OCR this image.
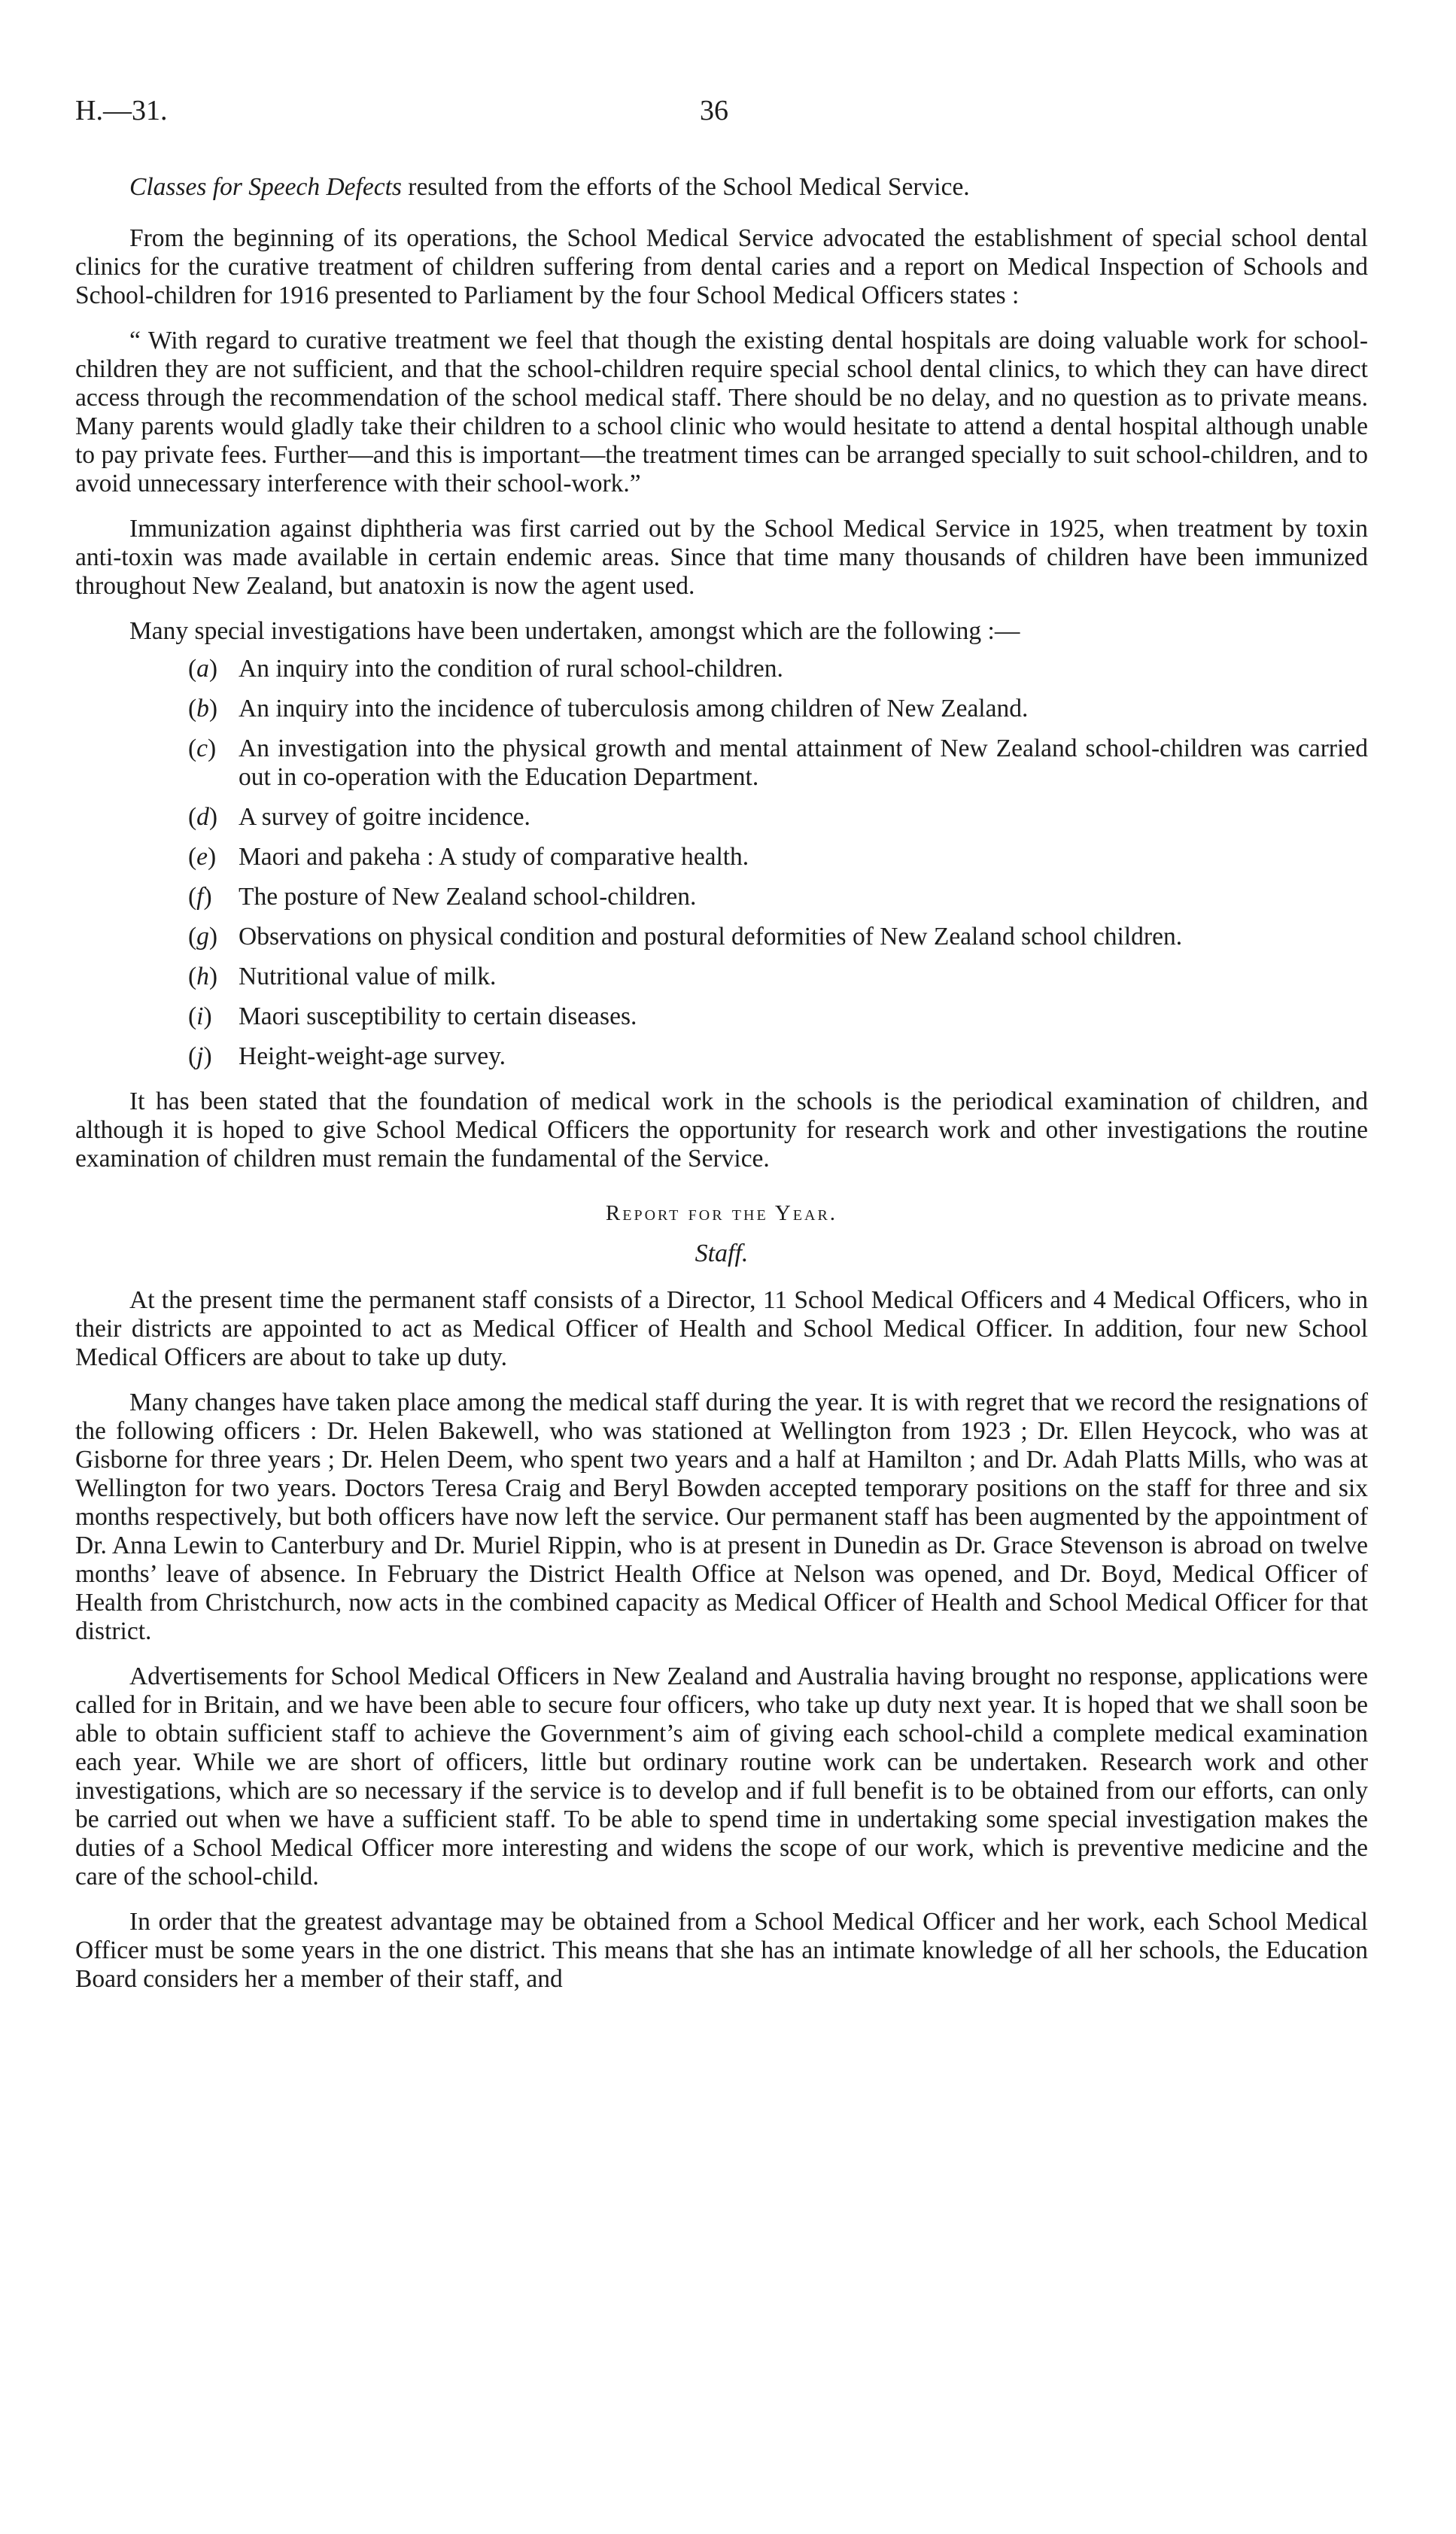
H.—31.	36

Classes for Speech Defects resulted from the efforts of the School Medical Service.

From the beginning of its operations, the School Medical Service advocated the establishment of special school dental clinics for the curative treatment of children suffering from dental caries and a report on Medical Inspection of Schools and School-children for 1916 presented to Parliament by the four School Medical Officers states :

“ With regard to curative treatment we feel that though the existing dental hospitals are doing valuable work for school-children they are not sufficient, and that the school-children require special school dental clinics, to which they can have direct access through the recommendation of the school medical staff. There should be no delay, and no question as to private means. Many parents would gladly take their children to a school clinic who would hesitate to attend a dental hospital although unable to pay private fees. Further—and this is important—the treatment times can be arranged specially to suit school-children, and to avoid unnecessary interference with their school-work.”

Immunization against diphtheria was first carried out by the School Medical Service in 1925, when treatment by toxin anti-toxin was made available in certain endemic areas. Since that time many thousands of children have been immunized throughout New Zealand, but anatoxin is now the agent used.

Many special investigations have been undertaken, amongst which are the following :—

( a )	An inquiry into the condition of rural school-children.
( b )	An inquiry into the incidence of tuberculosis among children of New Zealand.
( c )	An investigation into the physical growth and mental attainment of New Zealand school-children was carried out in co-operation with the Education Department.
( d )	A survey of goitre incidence.
( e )	Maori and pakeha : A study of comparative health.
( f )	The posture of New Zealand school-children.
( g )	Observations on physical condition and postural deformities of New Zealand school children.
( h )	Nutritional value of milk.
( i )	Maori susceptibility to certain diseases.
( j )	Height-weight-age survey.

It has been stated that the foundation of medical work in the schools is the periodical examination of children, and although it is hoped to give School Medical Officers the opportunity for research work and other investigations the routine examination of children must remain the fundamental of the Service.

Report for the Year.
Staff.

At the present time the permanent staff consists of a Director, 11 School Medical Officers and 4 Medical Officers, who in their districts are appointed to act as Medical Officer of Health and School Medical Officer. In addition, four new School Medical Officers are about to take up duty.

Many changes have taken place among the medical staff during the year. It is with regret that we record the resignations of the following officers : Dr. Helen Bakewell, who was stationed at Wellington from 1923 ; Dr. Ellen Heycock, who was at Gisborne for three years ; Dr. Helen Deem, who spent two years and a half at Hamilton ; and Dr. Adah Platts Mills, who was at Wellington for two years. Doctors Teresa Craig and Beryl Bowden accepted temporary positions on the staff for three and six months respectively, but both officers have now left the service. Our permanent staff has been augmented by the appointment of Dr. Anna Lewin to Canterbury and Dr. Muriel Rippin, who is at present in Dunedin as Dr. Grace Stevenson is abroad on twelve months’ leave of absence. In February the District Health Office at Nelson was opened, and Dr. Boyd, Medical Officer of Health from Christchurch, now acts in the combined capacity as Medical Officer of Health and School Medical Officer for that district.

Advertisements for School Medical Officers in New Zealand and Australia having brought no response, applications were called for in Britain, and we have been able to secure four officers, who take up duty next year. It is hoped that we shall soon be able to obtain sufficient staff to achieve the Government’s aim of giving each school-child a complete medical examination each year. While we are short of officers, little but ordinary routine work can be undertaken. Research work and other investigations, which are so necessary if the service is to develop and if full benefit is to be obtained from our efforts, can only be carried out when we have a sufficient staff. To be able to spend time in undertaking some special investigation makes the duties of a School Medical Officer more interesting and widens the scope of our work, which is preventive medicine and the care of the school-child.

In order that the greatest advantage may be obtained from a School Medical Officer and her work, each School Medical Officer must be some years in the one district. This means that she has an intimate knowledge of all her schools, the Education Board considers her a member of their staff, and
